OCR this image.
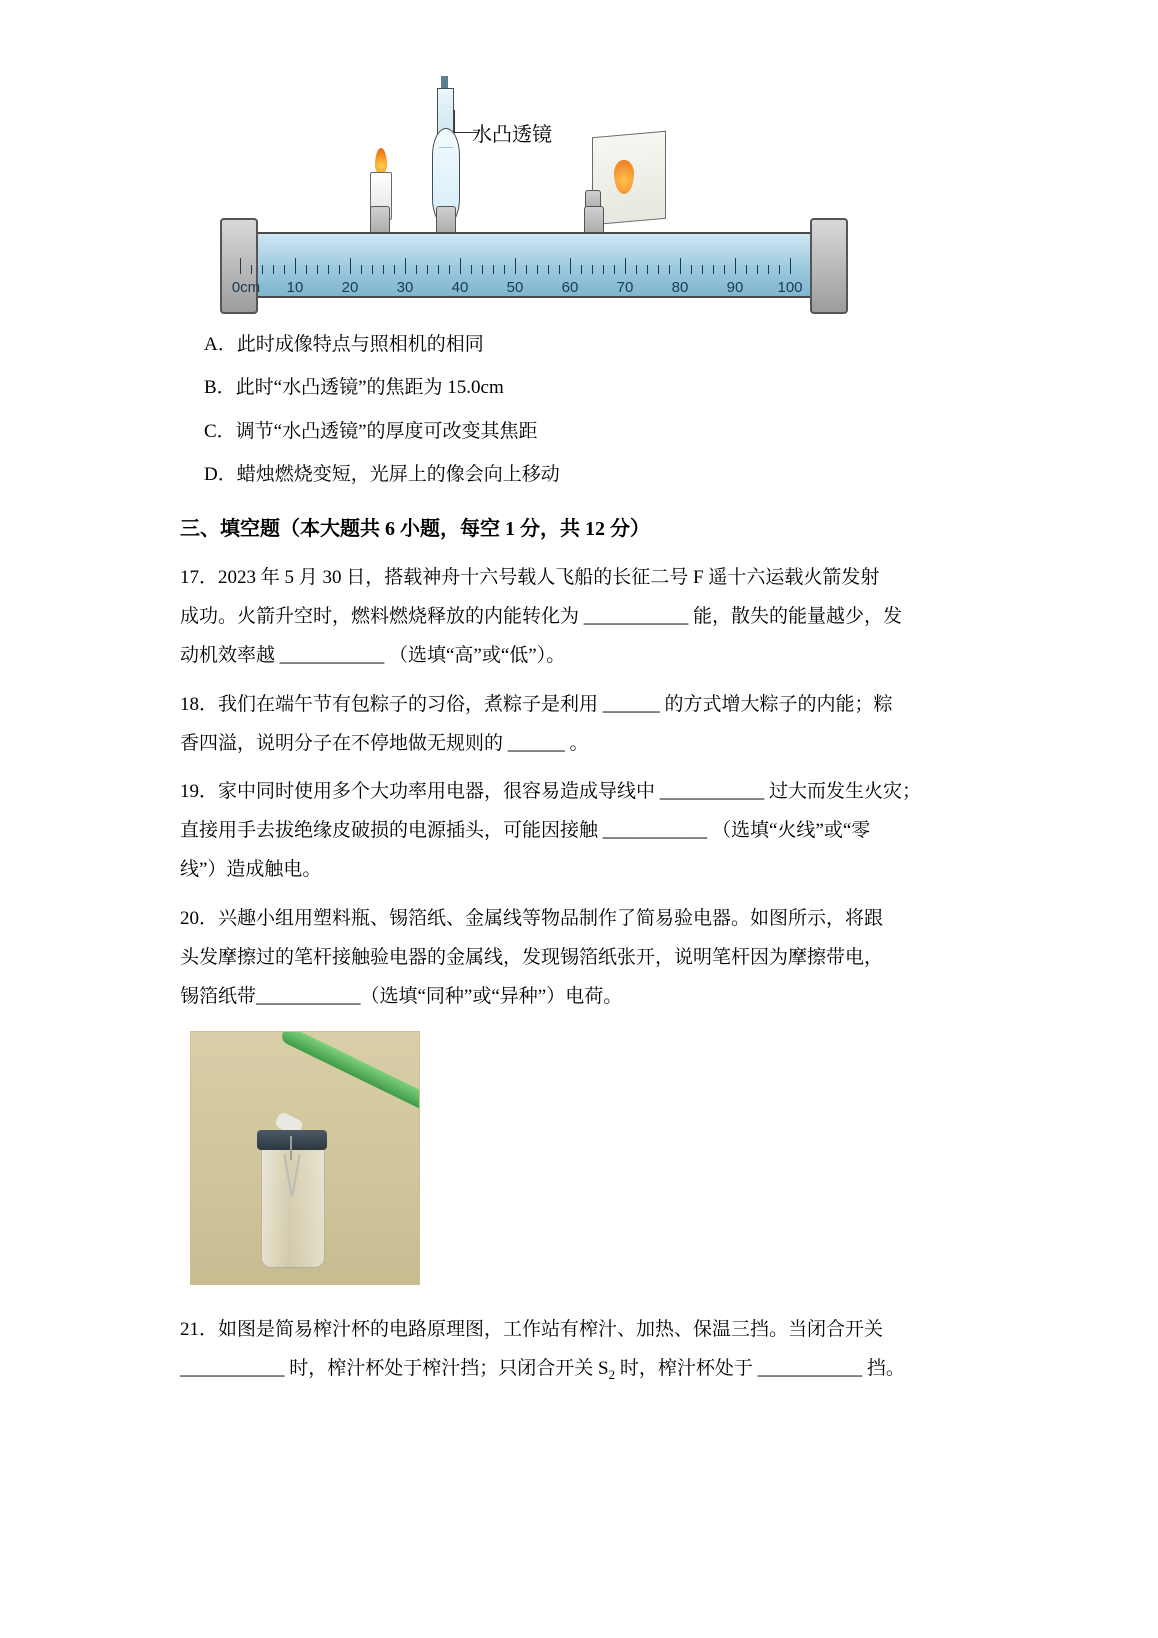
水凸透镜
0cm 10	20	30	40	50	60	70	80	90 100

A．此时成像特点与照相机的相同

B．此时“水凸透镜”的焦距为 15.0cm

C．调节“水凸透镜”的厚度可改变其焦距

D．蜡烛燃烧变短，光屏上的像会向上移动

三、填空题（本大题共 6 小题，每空 1 分，共 12 分）

17．2023 年 5 月 30 日，搭载神舟十六号载人飞船的长征二号 F 遥十六运载火箭发射
成功。火箭升空时，燃料燃烧释放的内能转化为 ___________ 能，散失的能量越少，发
动机效率越 ___________ （选填“高”或“低”）。

18．我们在端午节有包粽子的习俗，煮粽子是利用 ______ 的方式增大粽子的内能；粽
香四溢，说明分子在不停地做无规则的 ______ 。

19．家中同时使用多个大功率用电器，很容易造成导线中 ___________ 过大而发生火灾；
直接用手去拔绝缘皮破损的电源插头，可能因接触 ___________ （选填“火线”或“零
线”）造成触电。

20．兴趣小组用塑料瓶、锡箔纸、金属线等物品制作了简易验电器。如图所示，将跟
头发摩擦过的笔杆接触验电器的金属线，发现锡箔纸张开，说明笔杆因为摩擦带电，
锡箔纸带___________（选填“同种”或“异种”）电荷。

21．如图是简易榨汁杯的电路原理图，工作站有榨汁、加热、保温三挡。当闭合开关
___________ 时，榨汁杯处于榨汁挡；只闭合开关 $S_2$ 时，榨汁杯处于 ___________ 挡。
